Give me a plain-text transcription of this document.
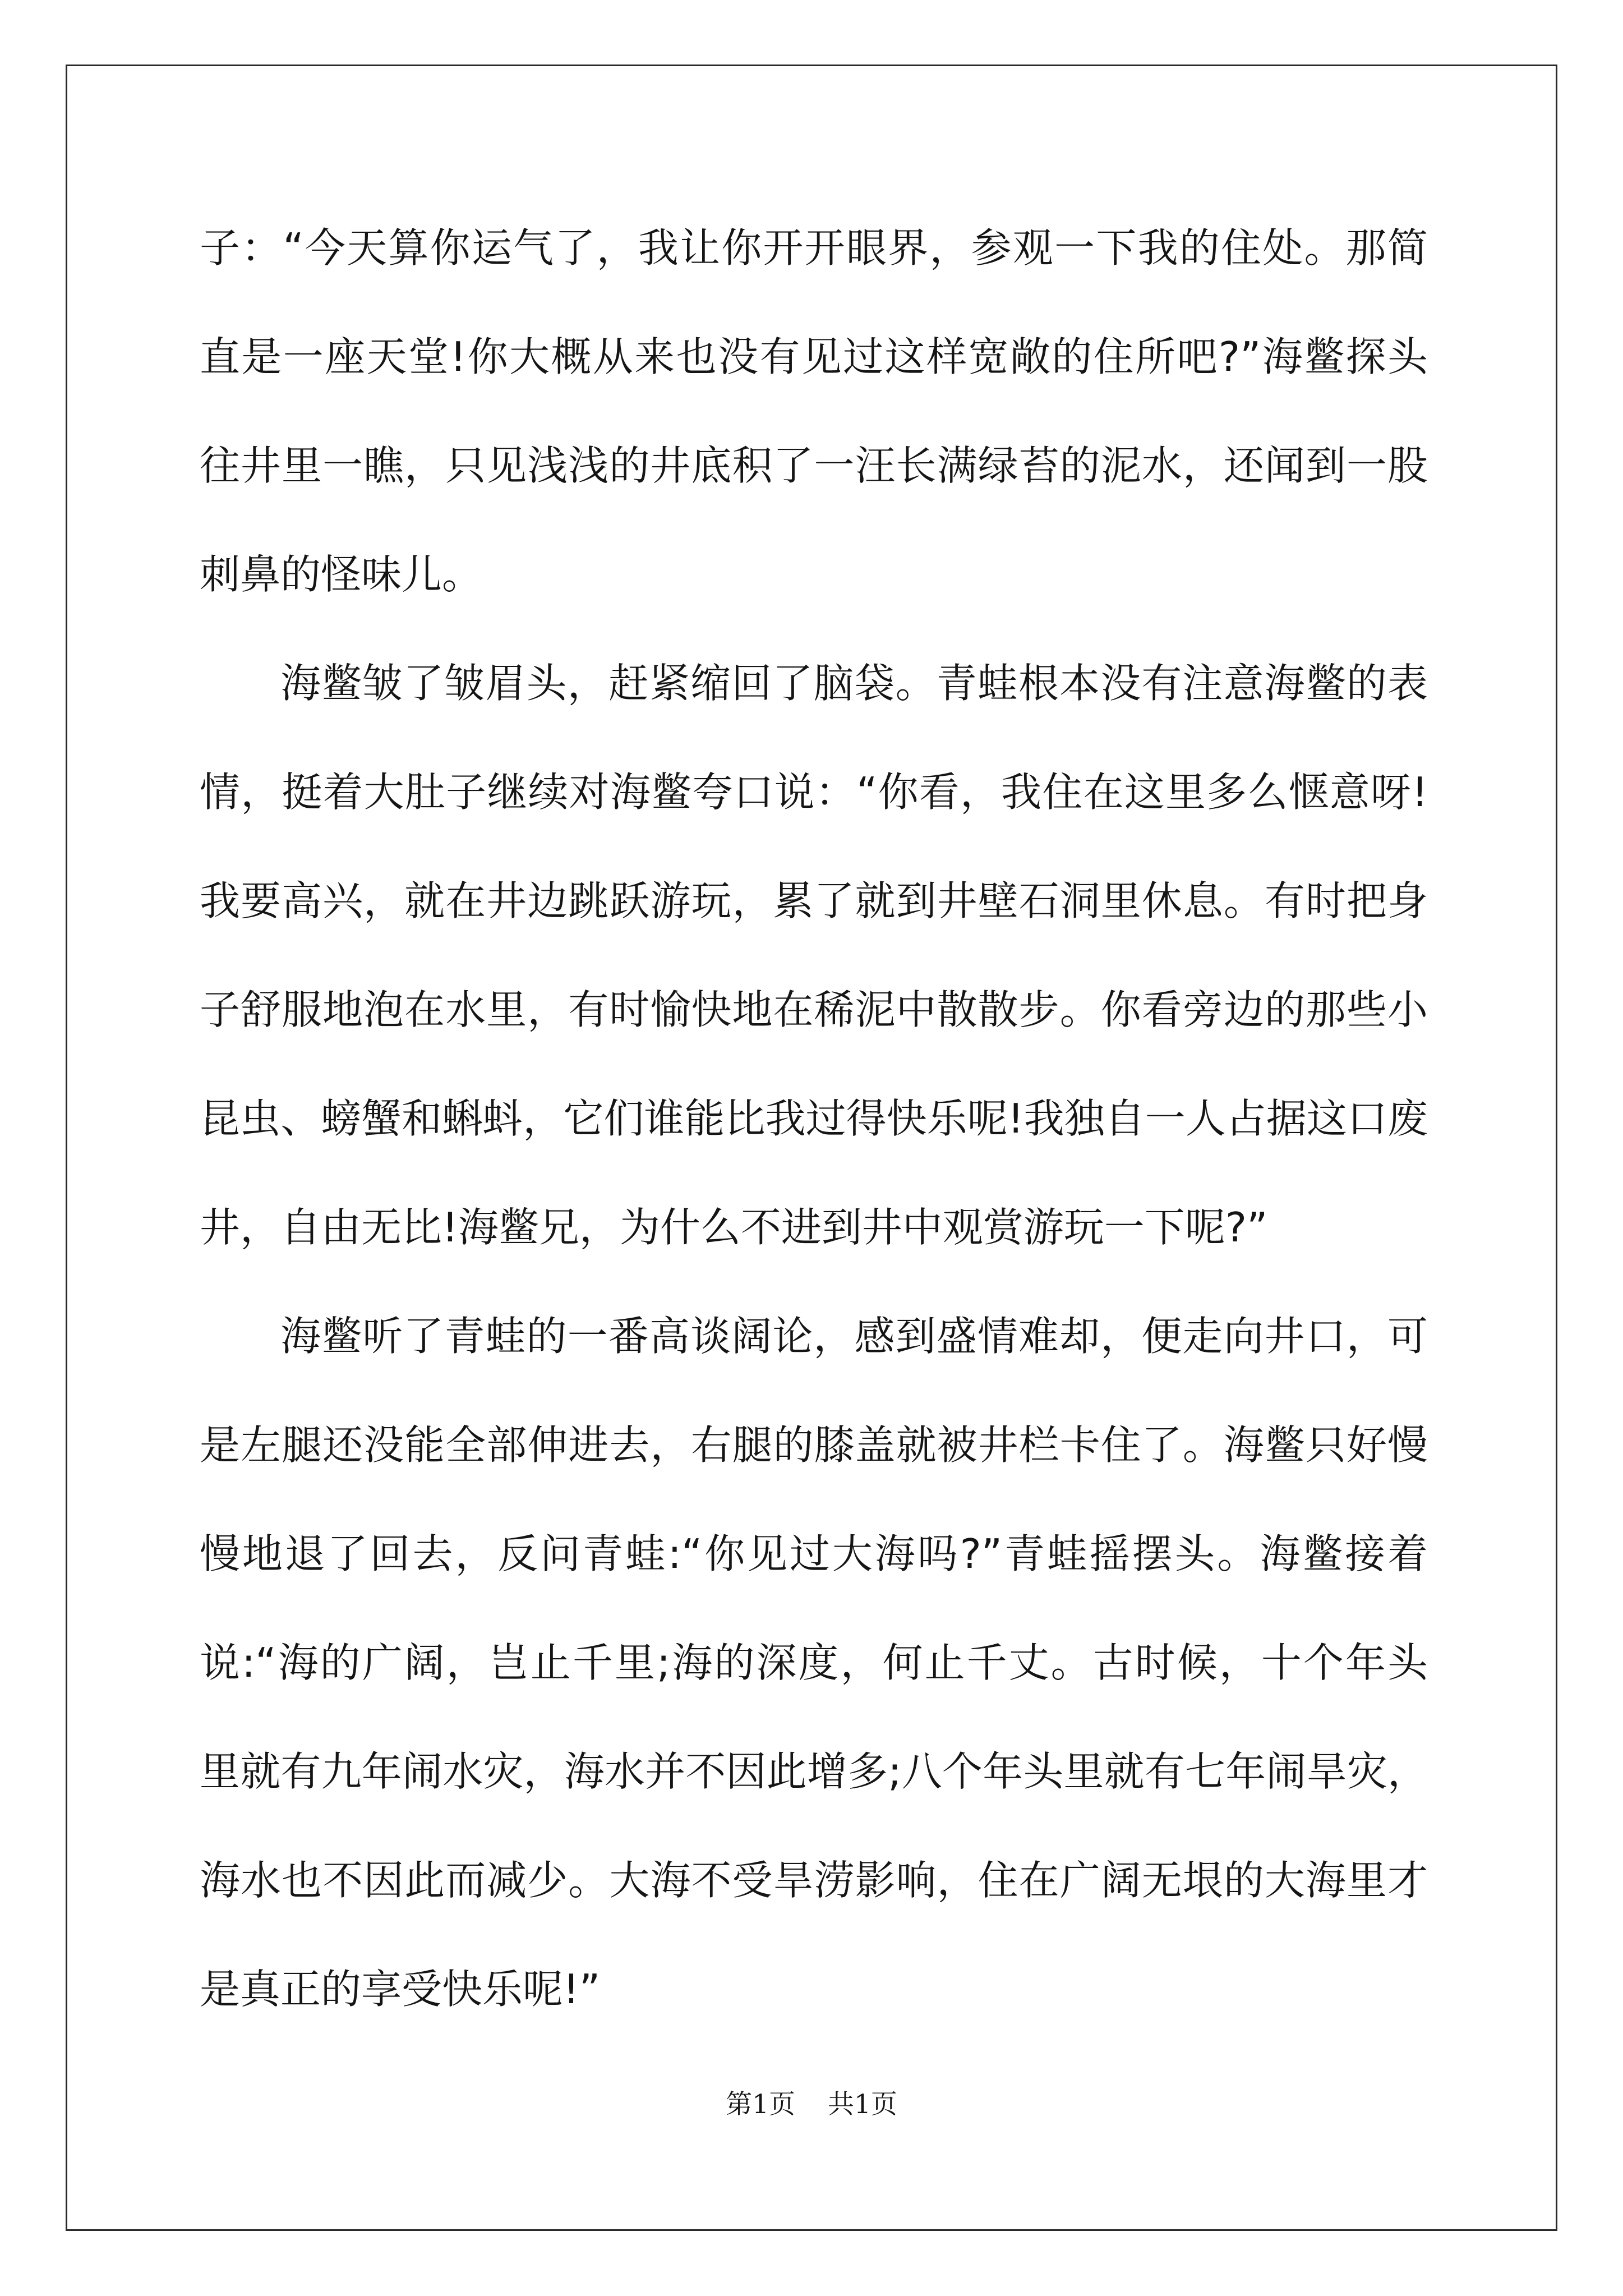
子：“今天算你运气了，我让你开开眼界，参观一下我的住处。那简
直是一座天堂!你大概从来也没有见过这样宽敞的住所吧?”海鳖探头
往井里一瞧，只见浅浅的井底积了一汪长满绿苔的泥水，还闻到一股
刺鼻的怪味儿。
海鳖皱了皱眉头，赶紧缩回了脑袋。青蛙根本没有注意海鳖的表
情，挺着大肚子继续对海鳖夸口说：“你看，我住在这里多么惬意呀!
我要高兴，就在井边跳跃游玩，累了就到井壁石洞里休息。有时把身
子舒服地泡在水里，有时愉快地在稀泥中散散步。你看旁边的那些小
昆虫、螃蟹和蝌蚪，它们谁能比我过得快乐呢!我独自一人占据这口废
井，自由无比!海鳖兄，为什么不进到井中观赏游玩一下呢?”
海鳖听了青蛙的一番高谈阔论，感到盛情难却，便走向井口，可
是左腿还没能全部伸进去，右腿的膝盖就被井栏卡住了。海鳖只好慢
慢地退了回去，反问青蛙:“你见过大海吗?”青蛙摇摆头。海鳖接着
说:“海的广阔，岂止千里;海的深度，何止千丈。古时候，十个年头
里就有九年闹水灾，海水并不因此增多;八个年头里就有七年闹旱灾，
海水也不因此而减少。大海不受旱涝影响，住在广阔无垠的大海里才
是真正的享受快乐呢!”
第1页 共1页
